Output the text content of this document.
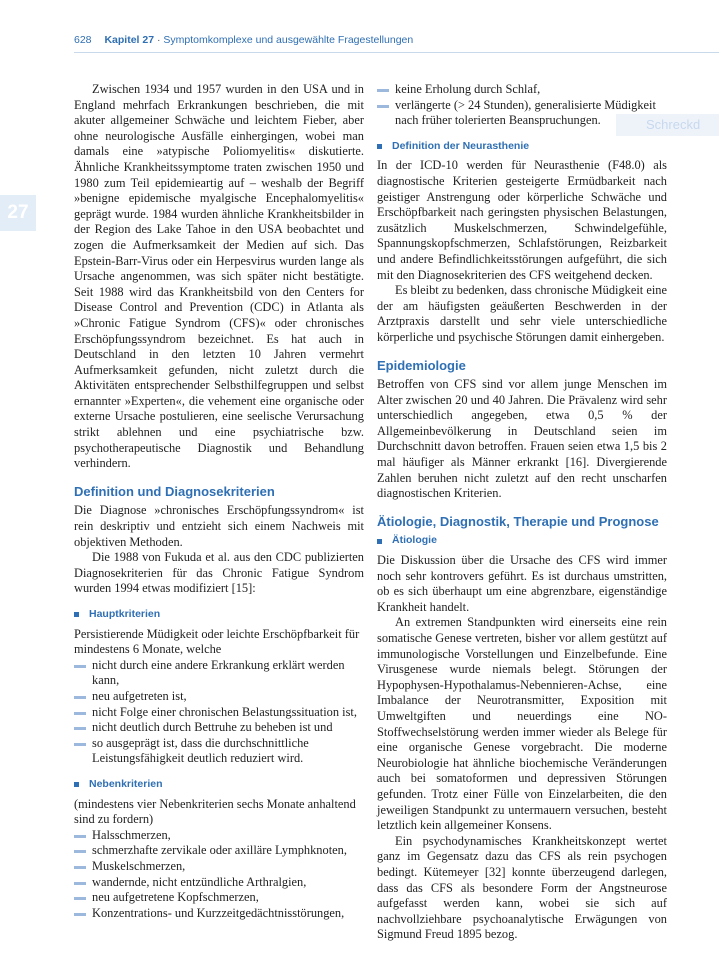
628 Kapitel 27 · Symptomkomplexe und ausgewählte Fragestellungen
27
Schreckd

Zwischen 1934 und 1957 wurden in den USA und in England mehrfach Erkrankungen beschrieben, die mit akuter allgemeiner Schwäche und leichtem Fieber, aber ohne neurologische Ausfälle einhergingen, wobei man damals eine »atypische Poliomyelitis« diskutierte. Ähnliche Krankheitssymptome traten zwischen 1950 und 1980 zum Teil epidemieartig auf – weshalb der Begriff »benigne epidemische myalgische Encephalomyelitis« geprägt wurde. 1984 wurden ähnliche Krankheitsbilder in der Region des Lake Tahoe in den USA beobachtet und zogen die Aufmerksamkeit der Medien auf sich. Das Epstein-Barr-Virus oder ein Herpesvirus wurden lange als Ursache angenommen, was sich später nicht bestätigte. Seit 1988 wird das Krankheitsbild von den Centers for Disease Control and Prevention (CDC) in Atlanta als »Chronic Fatigue Syndrom (CFS)« oder chronisches Erschöpfungssyndrom bezeichnet. Es hat auch in Deutschland in den letzten 10 Jahren vermehrt Aufmerksamkeit gefunden, nicht zuletzt durch die Aktivitäten entsprechender Selbsthilfegruppen und selbst ernannter »Experten«, die vehement eine organische oder externe Ursache postulieren, eine seelische Verursachung strikt ablehnen und eine psychiatrische bzw. psychotherapeutische Diagnostik und Behandlung verhindern.

Definition und Diagnosekriterien

Die Diagnose »chronisches Erschöpfungssyndrom« ist rein deskriptiv und entzieht sich einem Nachweis mit objektiven Methoden.

Die 1988 von Fukuda et al. aus den CDC publizierten Diagnosekriterien für das Chronic Fatigue Syndrom wurden 1994 etwas modifiziert [15]:

Hauptkriterien

Persistierende Müdigkeit oder leichte Erschöpfbarkeit für mindestens 6 Monate, welche

nicht durch eine andere Erkrankung erklärt werden kann,
neu aufgetreten ist,
nicht Folge einer chronischen Belastungssituation ist,
nicht deutlich durch Bettruhe zu beheben ist und
so ausgeprägt ist, dass die durchschnittliche Leistungsfähigkeit deutlich reduziert wird.
Nebenkriterien

(mindestens vier Nebenkriterien sechs Monate anhaltend sind zu fordern)

Halsschmerzen,
schmerzhafte zervikale oder axilläre Lymphknoten,
Muskelschmerzen,
wandernde, nicht entzündliche Arthralgien,
neu aufgetretene Kopfschmerzen,
Konzentrations- und Kurzzeitgedächtnisstörungen,
keine Erholung durch Schlaf,
verlängerte (> 24 Stunden), generalisierte Müdigkeit nach früher tolerierten Beanspruchungen.
Definition der Neurasthenie

In der ICD-10 werden für Neurasthenie (F48.0) als diagnostische Kriterien gesteigerte Ermüdbarkeit nach geistiger Anstrengung oder körperliche Schwäche und Erschöpfbarkeit nach geringsten physischen Belastungen, zusätzlich Muskelschmerzen, Schwindelgefühle, Spannungskopfschmerzen, Schlafstörungen, Reizbarkeit und andere Befindlichkeitsstörungen aufgeführt, die sich mit den Diagnosekriterien des CFS weitgehend decken.

Es bleibt zu bedenken, dass chronische Müdigkeit eine der am häufigsten geäußerten Beschwerden in der Arztpraxis darstellt und sehr viele unterschiedliche körperliche und psychische Störungen damit einhergeben.

Epidemiologie

Betroffen von CFS sind vor allem junge Menschen im Alter zwischen 20 und 40 Jahren. Die Prävalenz wird sehr unterschiedlich angegeben, etwa 0,5 % der Allgemeinbevölkerung in Deutschland seien im Durchschnitt davon betroffen. Frauen seien etwa 1,5 bis 2 mal häufiger als Männer erkrankt [16]. Divergierende Zahlen beruhen nicht zuletzt auf den recht unscharfen diagnostischen Kriterien.

Ätiologie, Diagnostik, Therapie und Prognose
Ätiologie

Die Diskussion über die Ursache des CFS wird immer noch sehr kontrovers geführt. Es ist durchaus umstritten, ob es sich überhaupt um eine abgrenzbare, eigenständige Krankheit handelt.

An extremen Standpunkten wird einerseits eine rein somatische Genese vertreten, bisher vor allem gestützt auf immunologische Vorstellungen und Einzelbefunde. Eine Virusgenese wurde niemals belegt. Störungen der Hypophysen-Hypothalamus-Nebennieren-Achse, eine Imbalance der Neurotransmitter, Exposition mit Umweltgiften und neuerdings eine NO-Stoffwechselstörung werden immer wieder als Belege für eine organische Genese vorgebracht. Die moderne Neurobiologie hat ähnliche biochemische Veränderungen auch bei somatoformen und depressiven Störungen gefunden. Trotz einer Fülle von Einzelarbeiten, die den jeweiligen Standpunkt zu untermauern versuchen, besteht letztlich kein allgemeiner Konsens.

Ein psychodynamisches Krankheitskonzept wertet ganz im Gegensatz dazu das CFS als rein psychogen bedingt. Kütemeyer [32] konnte überzeugend darlegen, dass das CFS als besondere Form der Angstneurose aufgefasst werden kann, wobei sie sich auf nachvollziehbare psychoanalytische Erwägungen von Sigmund Freud 1895 bezog.
